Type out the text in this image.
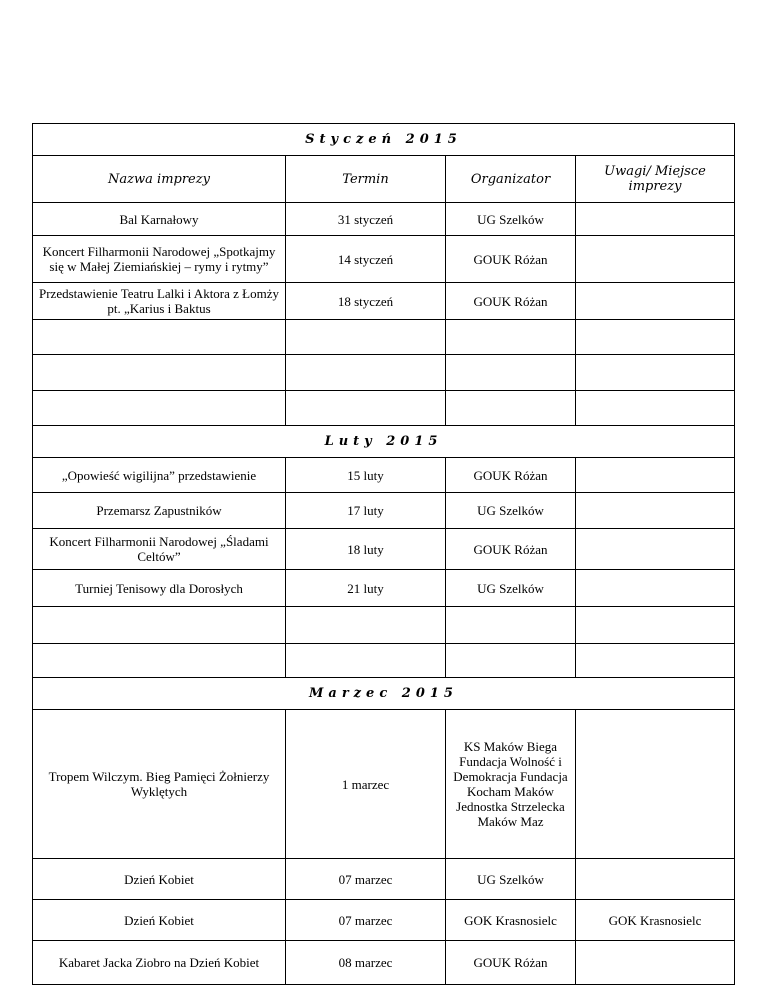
Styczeń 2015			
Nazwa imprezy	Termin	Organizator	Uwagi/ Miejsce imprezy
Bal Karnałowy	31 styczeń	UG Szelków	
Koncert Filharmonii Narodowej „Spotkajmy się w Małej Ziemiańskiej – rymy i rytmy”	14 styczeń	GOUK Różan	
Przedstawienie Teatru Lalki i Aktora z Łomży pt. „Karius i Baktus	18 styczeń	GOUK Różan	

Luty 2015			
„Opowieść wigilijna” przedstawienie	15 luty	GOUK Różan	
Przemarsz Zapustników	17 luty	UG Szelków	
Koncert Filharmonii Narodowej „Śladami Celtów”	18 luty	GOUK Różan	
Turniej Tenisowy dla Dorosłych	21 luty	UG Szelków	

Marzec 2015			
Tropem Wilczym. Bieg Pamięci Żołnierzy Wyklętych	1 marzec	KS Maków Biega Fundacja Wolność i Demokracja Fundacja Kocham Maków Jednostka Strzelecka Maków Maz	
Dzień Kobiet	07 marzec	UG Szelków	
Dzień Kobiet	07 marzec	GOK Krasnosielc	GOK Krasnosielc
Kabaret Jacka Ziobro na Dzień Kobiet	08 marzec	GOUK Różan	
